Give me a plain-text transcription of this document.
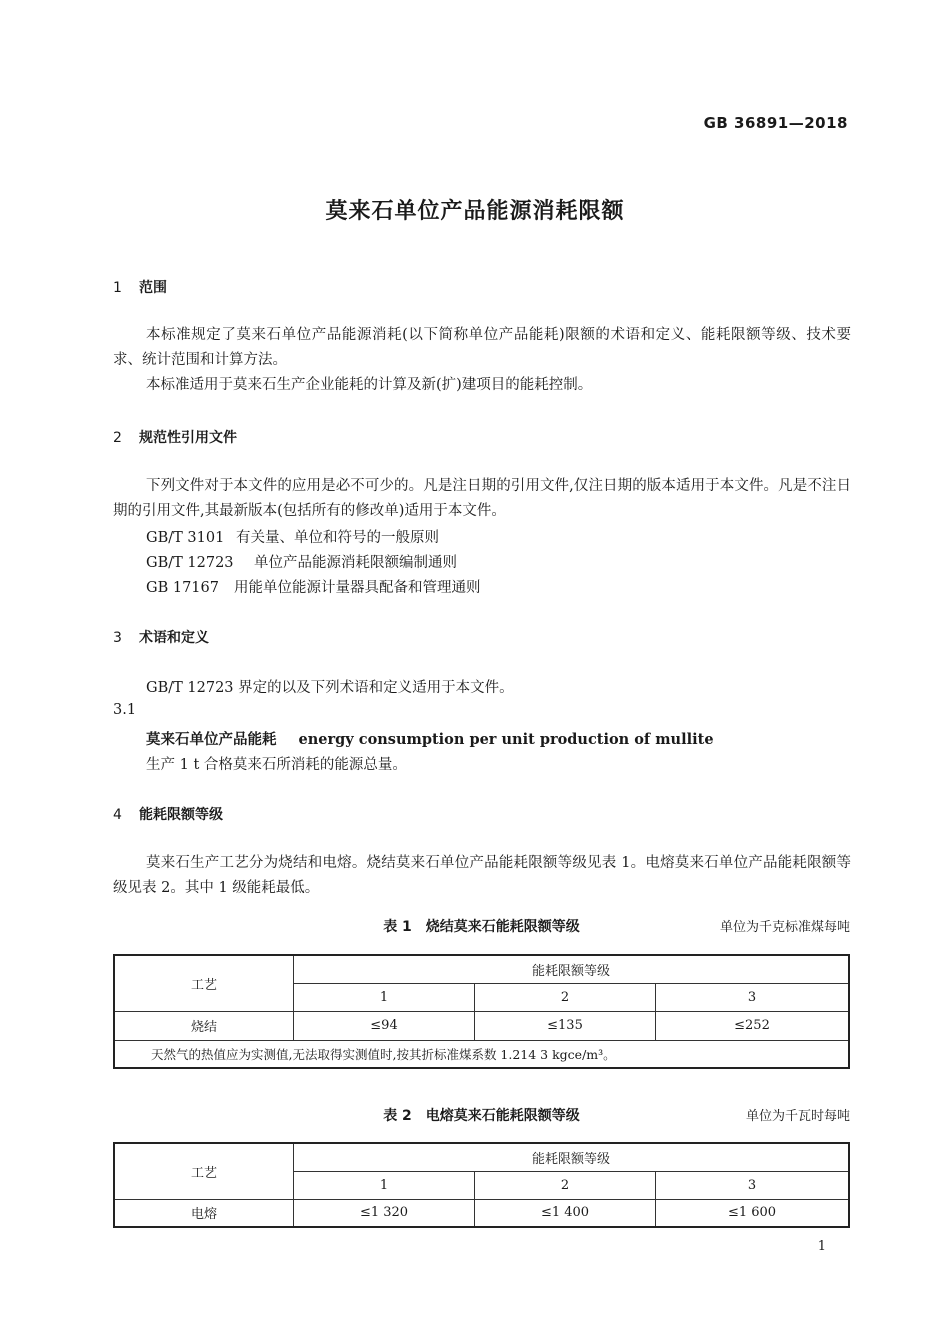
GB 36891—2018
莫来石单位产品能源消耗限额
1 范围
本标准规定了莫来石单位产品能源消耗(以下简称单位产品能耗)限额的术语和定义、能耗限额等级、技术要求、统计范围和计算方法。
本标准适用于莫来石生产企业能耗的计算及新(扩)建项目的能耗控制。
2 规范性引用文件
下列文件对于本文件的应用是必不可少的。凡是注日期的引用文件,仅注日期的版本适用于本文件。凡是不注日期的引用文件,其最新版本(包括所有的修改单)适用于本文件。
GB/T 3101 有关量、单位和符号的一般原则
GB/T 12723 单位产品能源消耗限额编制通则
GB 17167 用能单位能源计量器具配备和管理通则
3 术语和定义
GB/T 12723 界定的以及下列术语和定义适用于本文件。
3.1
莫来石单位产品能耗 energy consumption per unit production of mullite
生产 1 t 合格莫来石所消耗的能源总量。
4 能耗限额等级
莫来石生产工艺分为烧结和电熔。烧结莫来石单位产品能耗限额等级见表 1。电熔莫来石单位产品能耗限额等级见表 2。其中 1 级能耗最低。
表 1　烧结莫来石能耗限额等级	单位为千克标准煤每吨
工艺	能耗限额等级		
	1	2	3
烧结	≤94	≤135	≤252
天然气的热值应为实测值,无法取得实测值时,按其折标准煤系数 1.214 3 kgce/m³。			
表 2　电熔莫来石能耗限额等级	单位为千瓦时每吨
工艺	能耗限额等级		
	1	2	3
电熔	≤1 320	≤1 400	≤1 600
1
